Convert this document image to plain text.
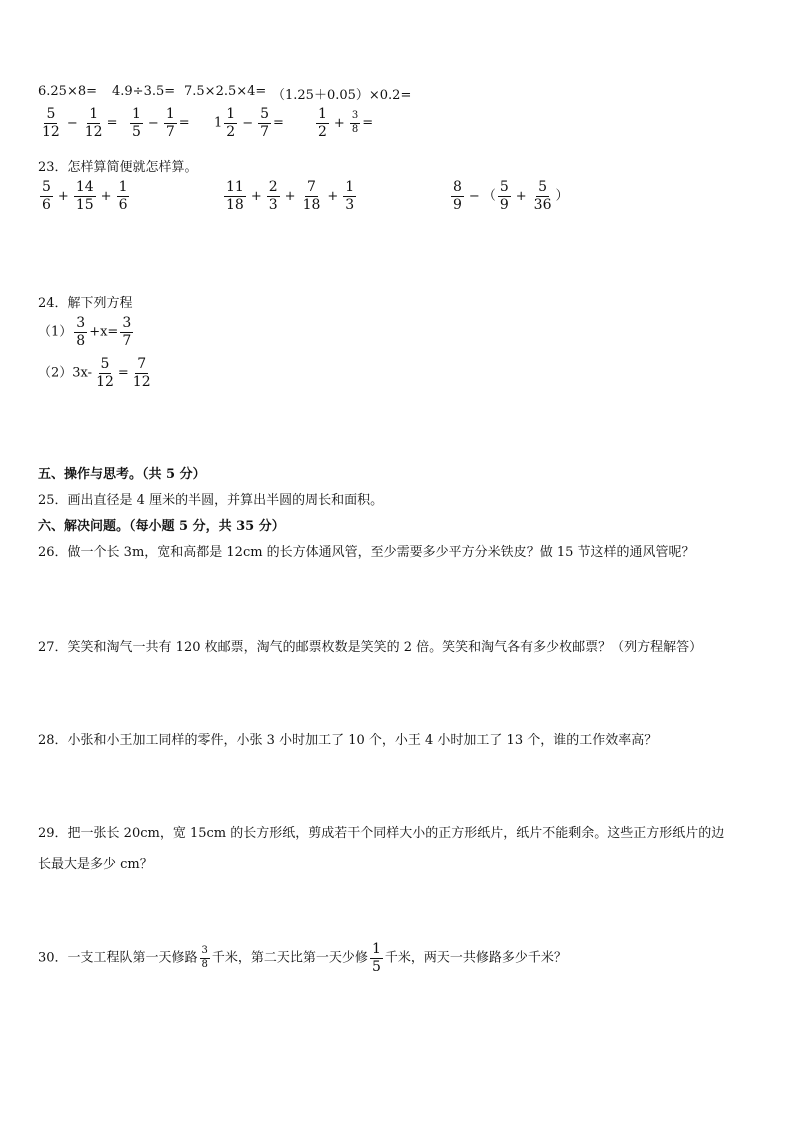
6.25×8= 4.9÷3.5= 7.5×2.5×4= （1.25＋0.05）×0.2=
$\frac{5}{12} - \frac{1}{12} = \frac{1}{5} - \frac{1}{7} = 1 \frac{1}{2} - \frac{5}{7} = \frac{1}{2} + \frac{3}{8}$ =
23．怎样算简便就怎样算。
$\frac{5}{6} + \frac{14}{15} + \frac{1}{6}$	$\frac{11}{18} + \frac{2}{3} + \frac{7}{18} + \frac{1}{3}$	$\frac{8}{9}$ − （ $\frac{5}{9} + \frac{5}{36}$ ）
24．解下列方程
$(1) \frac{3}{8} +x= \frac{3}{7}$
$(2)3x- \frac{5}{12} = \frac{7}{12}$
五、操作与思考。（共 5 分）
25．画出直径是 4 厘米的半圆，并算出半圆的周长和面积。
六、解决问题。（每小题 5 分，共 35 分）
26．做一个长 3m，宽和高都是 12cm 的长方体通风管，至少需要多少平方分米铁皮？做 15 节这样的通风管呢？
27．笑笑和淘气一共有 120 枚邮票，淘气的邮票枚数是笑笑的 2 倍。笑笑和淘气各有多少枚邮票？（列方程解答）
28．小张和小王加工同样的零件，小张 3 小时加工了 10 个，小王 4 小时加工了 13 个，谁的工作效率高？
29．把一张长 20cm，宽 15cm 的长方形纸，剪成若干个同样大小的正方形纸片，纸片不能剩余。这些正方形纸片的边
长最大是多少 cm？
30．一支工程队第一天修路 $\frac{3}{8}$ 千米，第二天比第一天少修 $\frac{1}{5}$ 千米，两天一共修路多少千米？
